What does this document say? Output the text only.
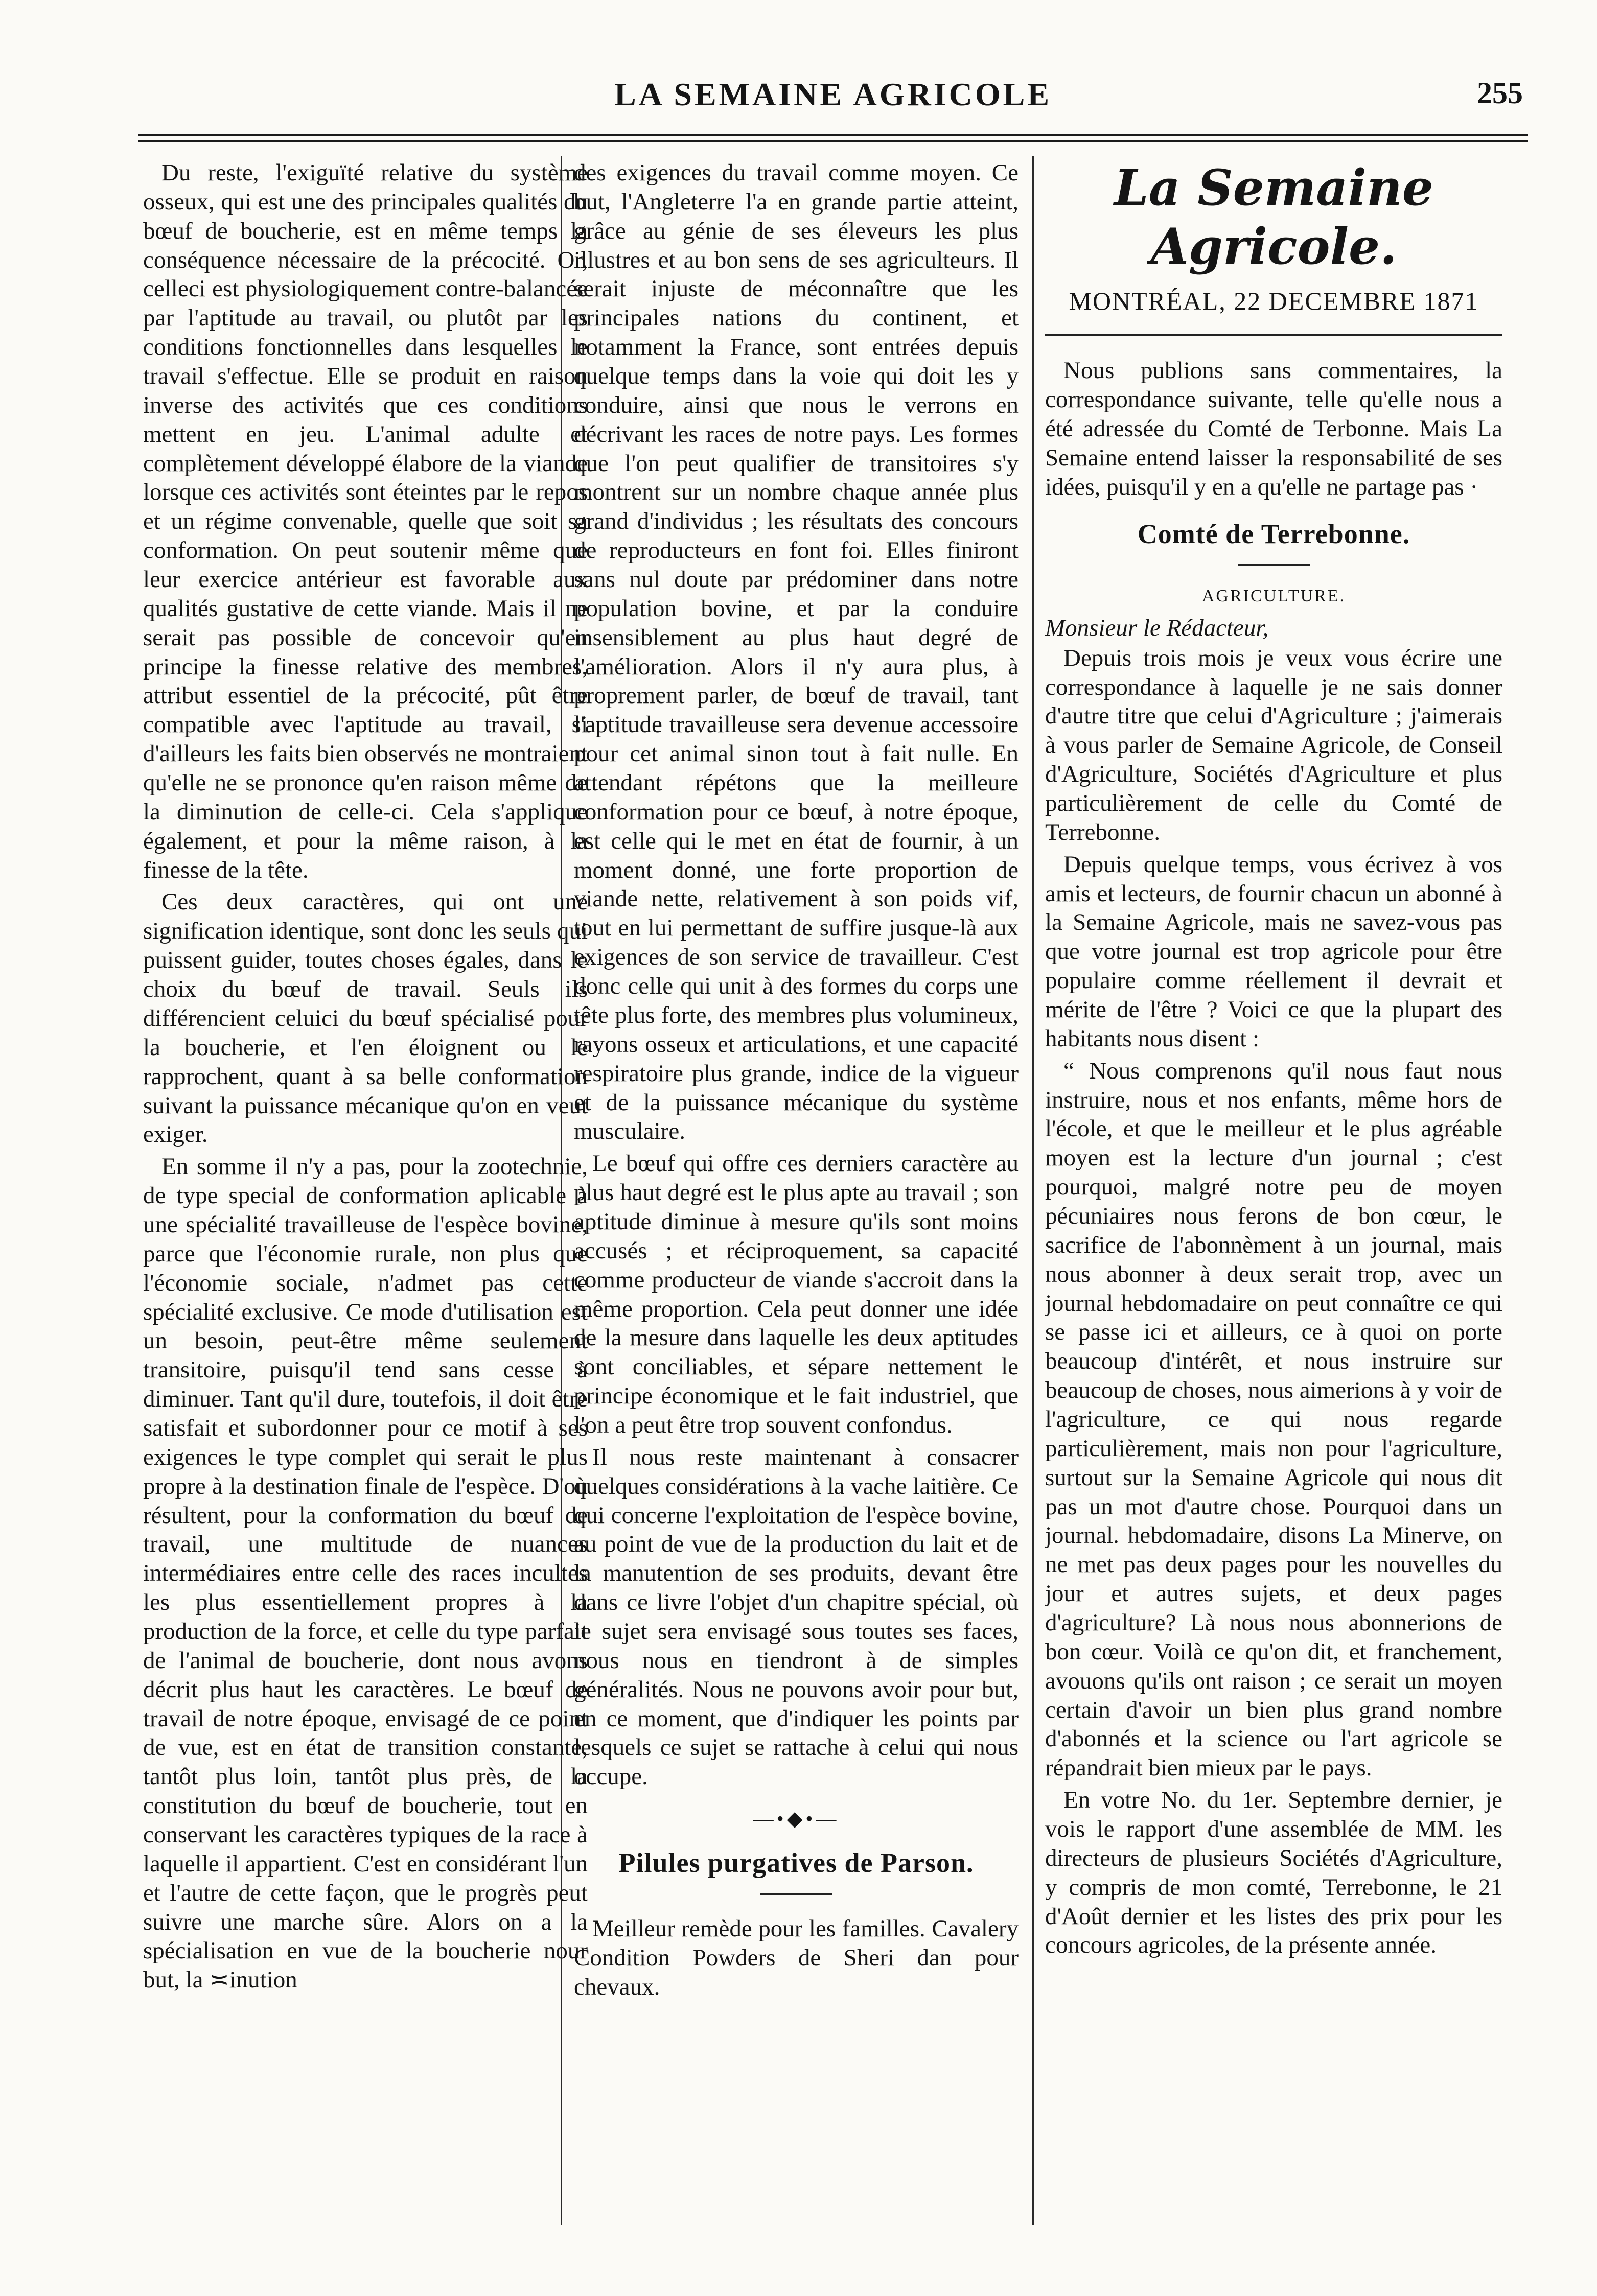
LA SEMAINE AGRICOLE	255

Du reste, l'exiguïté relative du système osseux, qui est une des principales qualités du bœuf de boucherie, est en même temps la conséquence nécessaire de la précocité. Or, celleci est physiologiquement contre-balancée par l'aptitude au travail, ou plutôt par les conditions fonctionnelles dans lesquelles le travail s'effectue. Elle se produit en raison inverse des activités que ces conditions mettent en jeu. L'animal adulte et complètement développé élabore de la viande lorsque ces activités sont éteintes par le repos et un régime convenable, quelle que soit sa conformation. On peut soutenir même que leur exercice antérieur est favorable aux qualités gustative de cette viande. Mais il ne serait pas possible de concevoir qu'en principe la finesse relative des membres, attribut essentiel de la précocité, pût être compatible avec l'aptitude au travail, si d'ailleurs les faits bien observés ne montraient qu'elle ne se prononce qu'en raison même de la diminution de celle-ci. Cela s'applique également, et pour la même raison, à la finesse de la tête.

Ces deux caractères, qui ont une signification identique, sont donc les seuls qui puissent guider, toutes choses égales, dans le choix du bœuf de travail. Seuls ils différencient celuici du bœuf spécialisé pour la boucherie, et l'en éloignent ou le rapprochent, quant à sa belle conformation suivant la puissance mécanique qu'on en veut exiger.

En somme il n'y a pas, pour la zootechnie, de type special de conformation aplicable à une spécialité travailleuse de l'espèce bovine, parce que l'économie rurale, non plus que l'économie sociale, n'admet pas cette spécialité exclusive. Ce mode d'utilisation est un besoin, peut-être même seulement transitoire, puisqu'il tend sans cesse à diminuer. Tant qu'il dure, toutefois, il doit être satisfait et subordonner pour ce motif à ses exigences le type complet qui serait le plus propre à la destination finale de l'espèce. D'où résultent, pour la conformation du bœuf de travail, une multitude de nuances intermédiaires entre celle des races incultes les plus essentiellement propres à la production de la force, et celle du type parfait de l'animal de boucherie, dont nous avons décrit plus haut les caractères. Le bœuf de travail de notre époque, envisagé de ce point de vue, est en état de transition constante, tantôt plus loin, tantôt plus près, de la constitution du bœuf de boucherie, tout en conservant les caractères typiques de la race à laquelle il appartient. C'est en considérant l'un et l'autre de cette façon, que le progrès peut suivre une marche sûre. Alors on a la spécialisation en vue de la boucherie nour but, la ≍inution

des exigences du travail comme moyen. Ce but, l'Angleterre l'a en grande partie atteint, grâce au génie de ses éleveurs les plus illustres et au bon sens de ses agriculteurs. Il serait injuste de méconnaître que les principales nations du continent, et notamment la France, sont entrées depuis quelque temps dans la voie qui doit les y conduire, ainsi que nous le verrons en décrivant les races de notre pays. Les formes que l'on peut qualifier de transitoires s'y montrent sur un nombre chaque année plus grand d'individus ; les résultats des concours de reproducteurs en font foi. Elles finiront sans nul doute par prédominer dans notre population bovine, et par la conduire insensiblement au plus haut degré de l'amélioration. Alors il n'y aura plus, à proprement parler, de bœuf de travail, tant l'aptitude travailleuse sera devenue accessoire pour cet animal sinon tout à fait nulle. En attendant répétons que la meilleure conformation pour ce bœuf, à notre époque, est celle qui le met en état de fournir, à un moment donné, une forte proportion de viande nette, relativement à son poids vif, tout en lui permettant de suffire jusque-là aux exigences de son service de travailleur. C'est donc celle qui unit à des formes du corps une tête plus forte, des membres plus volumineux, rayons osseux et articulations, et une capacité respiratoire plus grande, indice de la vigueur et de la puissance mécanique du système musculaire.

Le bœuf qui offre ces derniers caractère au plus haut degré est le plus apte au travail ; son aptitude diminue à mesure qu'ils sont moins accusés ; et réciproquement, sa capacité comme producteur de viande s'accroit dans la même proportion. Cela peut donner une idée de la mesure dans laquelle les deux aptitudes sont conciliables, et sépare nettement le principe économique et le fait industriel, que l'on a peut être trop souvent confondus.

Il nous reste maintenant à consacrer quelques considérations à la vache laitière. Ce qui concerne l'exploitation de l'espèce bovine, au point de vue de la production du lait et de la manutention de ses produits, devant être dans ce livre l'objet d'un chapitre spécial, où le sujet sera envisagé sous toutes ses faces, nous nous en tiendront à de simples généralités. Nous ne pouvons avoir pour but, en ce moment, que d'indiquer les points par lesquels ce sujet se rattache à celui qui nous occupe.

—•◆•—
Pilules purgatives de Parson.

Meilleur remède pour les familles. Cavalery Condition Powders de Sheri dan pour chevaux.

La Semaine Agricole.
MONTRÉAL, 22 DECEMBRE 1871

Nous publions sans commentaires, la correspondance suivante, telle qu'elle nous a été adressée du Comté de Terbonne. Mais La Semaine entend laisser la responsabilité de ses idées, puisqu'il y en a qu'elle ne partage pas ·

Comté de Terrebonne.
AGRICULTURE.
Monsieur le Rédacteur,

Depuis trois mois je veux vous écrire une correspondance à laquelle je ne sais donner d'autre titre que celui d'Agriculture ; j'aimerais à vous parler de Semaine Agricole, de Conseil d'Agriculture, Sociétés d'Agriculture et plus particulièrement de celle du Comté de Terrebonne.

Depuis quelque temps, vous écrivez à vos amis et lecteurs, de fournir chacun un abonné à la Semaine Agricole, mais ne savez-vous pas que votre journal est trop agricole pour être populaire comme réellement il devrait et mérite de l'être ? Voici ce que la plupart des habitants nous disent :

“ Nous comprenons qu'il nous faut nous instruire, nous et nos enfants, même hors de l'école, et que le meilleur et le plus agréable moyen est la lecture d'un journal ; c'est pourquoi, malgré notre peu de moyen pécuniaires nous ferons de bon cœur, le sacrifice de l'abonnèment à un journal, mais nous abonner à deux serait trop, avec un journal hebdomadaire on peut connaître ce qui se passe ici et ailleurs, ce à quoi on porte beaucoup d'intérêt, et nous instruire sur beaucoup de choses, nous aimerions à y voir de l'agriculture, ce qui nous regarde particulièrement, mais non pour l'agriculture, surtout sur la Semaine Agricole qui nous dit pas un mot d'autre chose. Pourquoi dans un journal. hebdomadaire, disons La Minerve, on ne met pas deux pages pour les nouvelles du jour et autres sujets, et deux pages d'agriculture? Là nous nous abonnerions de bon cœur. Voilà ce qu'on dit, et franchement, avouons qu'ils ont raison ; ce serait un moyen certain d'avoir un bien plus grand nombre d'abonnés et la science ou l'art agricole se répandrait bien mieux par le pays.

En votre No. du 1er. Septembre dernier, je vois le rapport d'une assemblée de MM. les directeurs de plusieurs Sociétés d'Agriculture, y compris de mon comté, Terrebonne, le 21 d'Août dernier et les listes des prix pour les concours agricoles, de la présente année.
